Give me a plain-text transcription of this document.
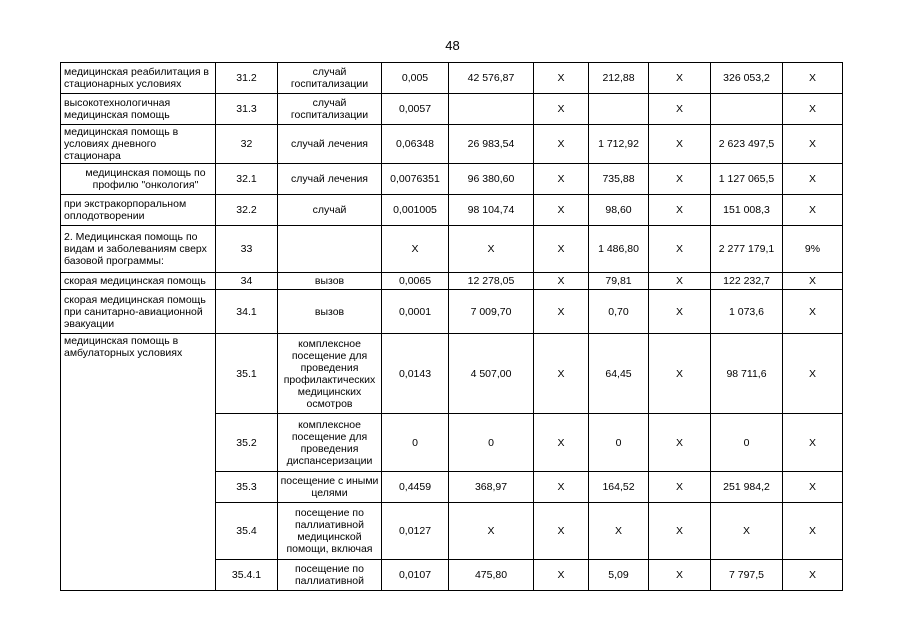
48
медицинская реабилитация в стационарных условиях	31.2	случай госпитализации	0,005	42 576,87	X	212,88	X	326 053,2	X
высокотехнологичная медицинская помощь	31.3	случай госпитализации	0,0057		X		X		X
медицинская помощь в условиях дневного стационара	32	случай лечения	0,06348	26 983,54	X	1 712,92	X	2 623 497,5	X

медицинская помощь по профилю "онкология"	32.1	случай лечения	0,0076351	96 380,60	X	735,88	X	1 127 065,5	X
при экстракорпоральном оплодотворении	32.2	случай	0,001005	98 104,74	X	98,60	X	151 008,3	X
2. Медицинская помощь по видам и заболеваниям сверх базовой программы:	33		X	X	X	1 486,80	X	2 277 179,1	9%
скорая медицинская помощь	34	вызов	0,0065	12 278,05	X	79,81	X	122 232,7	X
скорая медицинская помощь при санитарно-авиационной эвакуации	34.1	вызов	0,0001	7 009,70	X	0,70	X	1 073,6	X
медицинская помощь в амбулаторных условиях	35.1	комплексное посещение для проведения профилактических медицинских осмотров	0,0143	4 507,00	X	64,45	X	98 711,6	X
	35.2	комплексное посещение для проведения диспансеризации	0	0	X	0	X	0	X
	35.3	посещение с иными целями	0,4459	368,97	X	164,52	X	251 984,2	X
	35.4	посещение по паллиативной медицинской помощи, включая	0,0127	X	X	X	X	X	X
	35.4.1	посещение по паллиативной	0,0107	475,80	X	5,09	X	7 797,5	X
